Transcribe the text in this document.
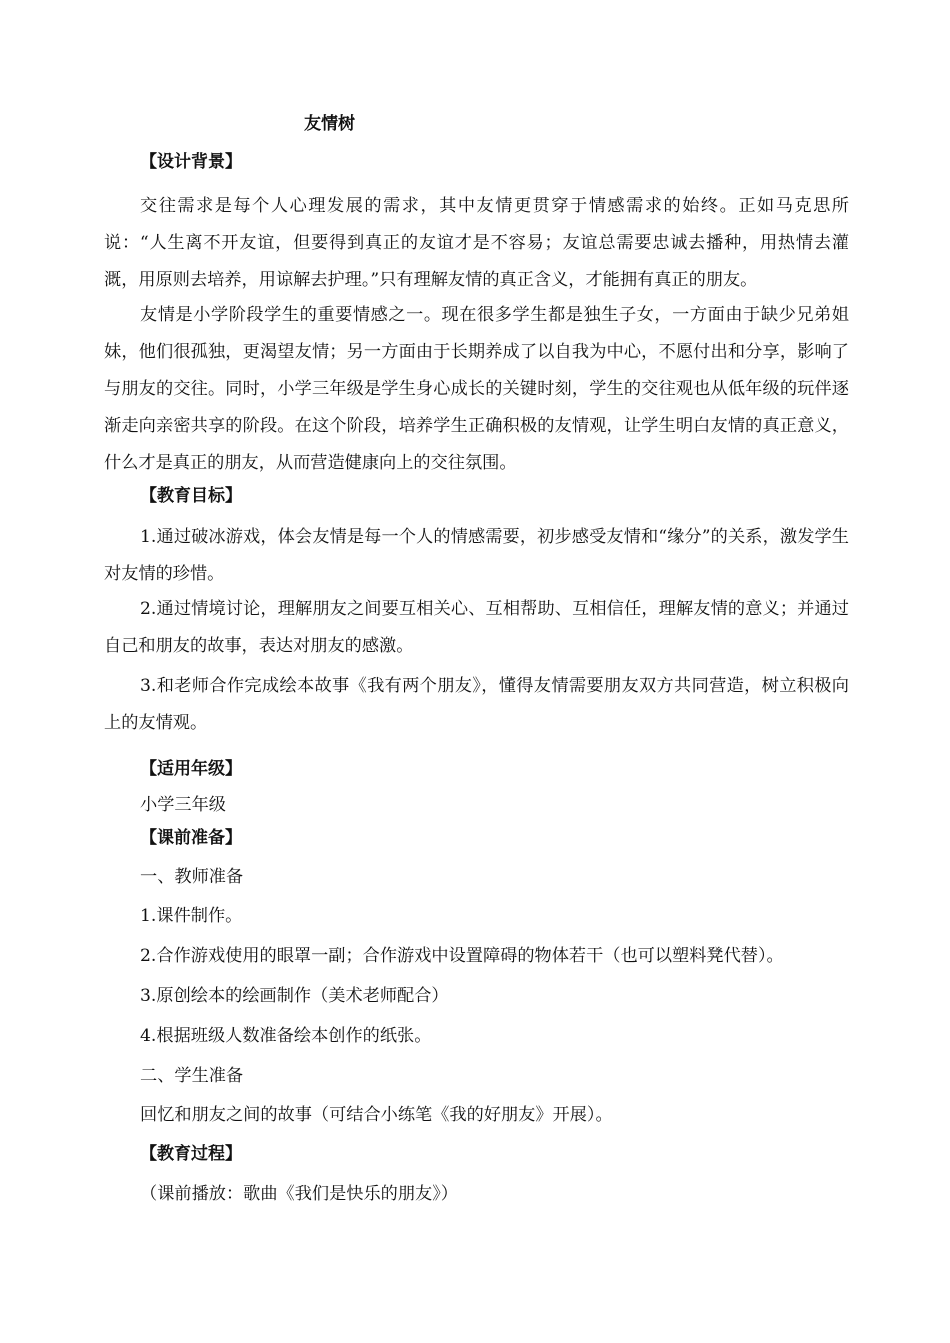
友情树
【设计背景】

交往需求是每个人心理发展的需求，其中友情更贯穿于情感需求的始终。正如马克思所说：“人生离不开友谊，但要得到真正的友谊才是不容易；友谊总需要忠诚去播种，用热情去灌溉，用原则去培养，用谅解去护理。”只有理解友情的真正含义，才能拥有真正的朋友。

友情是小学阶段学生的重要情感之一。现在很多学生都是独生子女，一方面由于缺少兄弟姐妹，他们很孤独，更渴望友情；另一方面由于长期养成了以自我为中心，不愿付出和分享，影响了与朋友的交往。同时，小学三年级是学生身心成长的关键时刻，学生的交往观也从低年级的玩伴逐渐走向亲密共享的阶段。在这个阶段，培养学生正确积极的友情观，让学生明白友情的真正意义，什么才是真正的朋友，从而营造健康向上的交往氛围。

【教育目标】

1.通过破冰游戏，体会友情是每一个人的情感需要，初步感受友情和“缘分”的关系，激发学生对友情的珍惜。

2.通过情境讨论，理解朋友之间要互相关心、互相帮助、互相信任，理解友情的意义；并通过自己和朋友的故事，表达对朋友的感激。

3.和老师合作完成绘本故事《我有两个朋友》，懂得友情需要朋友双方共同营造，树立积极向上的友情观。

【适用年级】

小学三年级

【课前准备】

一、教师准备

1.课件制作。

2.合作游戏使用的眼罩一副；合作游戏中设置障碍的物体若干（也可以塑料凳代替）。

3.原创绘本的绘画制作（美术老师配合）

4.根据班级人数准备绘本创作的纸张。

二、学生准备

回忆和朋友之间的故事（可结合小练笔《我的好朋友》开展）。

【教育过程】

（课前播放：歌曲《我们是快乐的朋友》）
